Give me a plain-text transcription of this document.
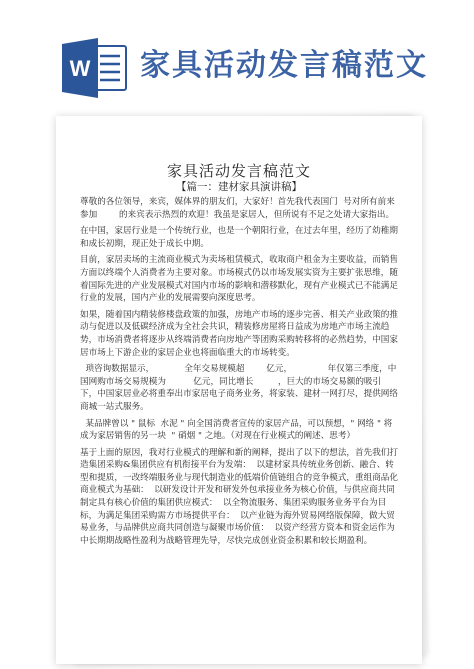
W 家具活动发言稿范文
家具活动发言稿范文
【篇一：建材家具演讲稿】

尊敬的各位领导，来宾，媒体界的朋友们，大家好！首先我代表国门  号对所有前来参加        的来宾表示热烈的欢迎！我虽是家居人，但所说有不足之处请大家指出。

在中国，家居行业是一个传统行业，也是一个朝阳行业，在过去年里，经历了幼稚期和成长初期，现正处于成长中期。

目前，家居卖场的主流商业模式为卖场租赁模式，收取商户租金为主要收益，而销售方面以终端个人消费者为主要对象。市场模式仍以市场发展实资为主要扩张思维，随着国际先进的产业发展模式对国内市场的影响和潜移默化，现有产业模式已不能满足行业的发展，国内产业的发展需要向深度思考。

如果，随着国内精装修楼盘政策的加强，房地产市场的逐步完善、相关产业政策的推动与促进以及低碳经济成为全社会共识，精装修房屋将日益成为房地产市场主流趋势，市场消费者将逐步从终端消费者向房地产等团购采购转移将的必然趋势，中国家居市场上下游企业的家居企业也将面临重大的市场转变。

琐咨询数据显示，           全年交易规模超        亿元，             年仅第三季度，中国网购市场交易规模为          亿元，同比增长         ，巨大的市场交易额的吸引下，中国家居业必将重奉出市家居电子商务业务，将家装、建材一网打尽，提供网络商城一站式服务。

某品牌曾以 " 鼠标  水泥 " 向全国消费者宣传的家居产品，可以预想，" 网络 " 将成为家居销售的另一块  " 硝烟 " 之地。（对现在行业模式的阐述、思考）

基于上面的原因，我对行业模式的理解和新的阐释，提出了以下的想法，首先我们打造集团采购&集团供应有机衔接平台为发端：  以建材家具传统业务创新、融合、转型和提质，一改终端服务业与现代制造业的低端价值链组合的竞争模式，重组商品化商业模式为基础：  以研发设计开发和研发外包承接业务为核心价值，与供应商共同制定具有核心价值的集团供应模式：  以全物流服务、集团采购服务业务平台为目标，为满足集团采购需方市场提供平台：  以产业链为海外贸易网络版保障，做大贸易业务，与品牌供应商共同创造与凝聚市场价值：  以资产经营方资本和资金运作为中长期期战略性盈利为战略管理先导，尽快完成创业资金积累和较长期盈利。
